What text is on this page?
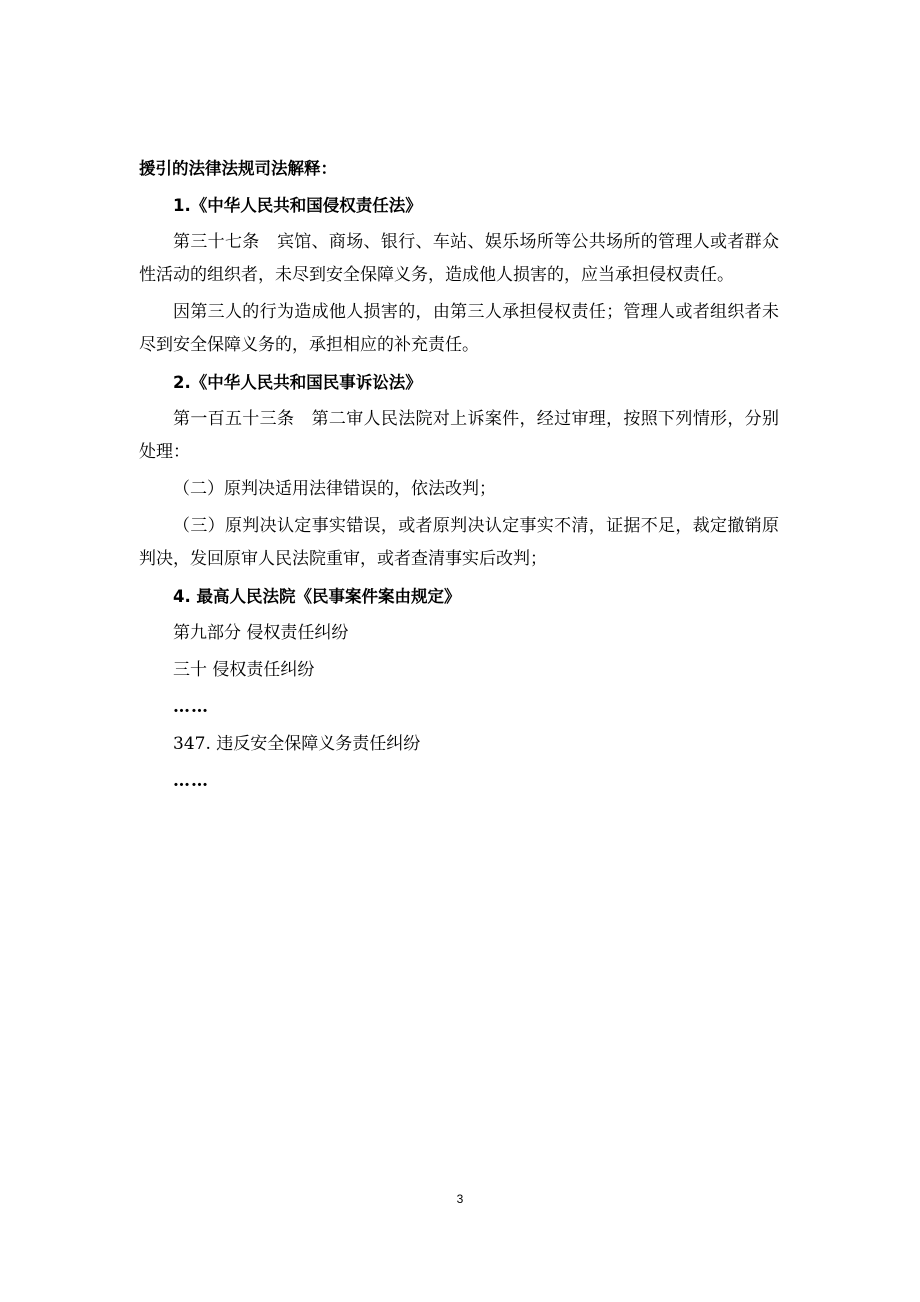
援引的法律法规司法解释：

1.《中华人民共和国侵权责任法》

第三十七条　宾馆、商场、银行、车站、娱乐场所等公共场所的管理人或者群众性活动的组织者，未尽到安全保障义务，造成他人损害的，应当承担侵权责任。

因第三人的行为造成他人损害的，由第三人承担侵权责任；管理人或者组织者未尽到安全保障义务的，承担相应的补充责任。

2.《中华人民共和国民事诉讼法》

第一百五十三条　第二审人民法院对上诉案件，经过审理，按照下列情形，分别处理：

（二）原判决适用法律错误的，依法改判；

（三）原判决认定事实错误，或者原判决认定事实不清，证据不足，裁定撤销原判决，发回原审人民法院重审，或者查清事实后改判；

4. 最高人民法院《民事案件案由规定》

第九部分 侵权责任纠纷

三十 侵权责任纠纷

……

347. 违反安全保障义务责任纠纷

……

3
